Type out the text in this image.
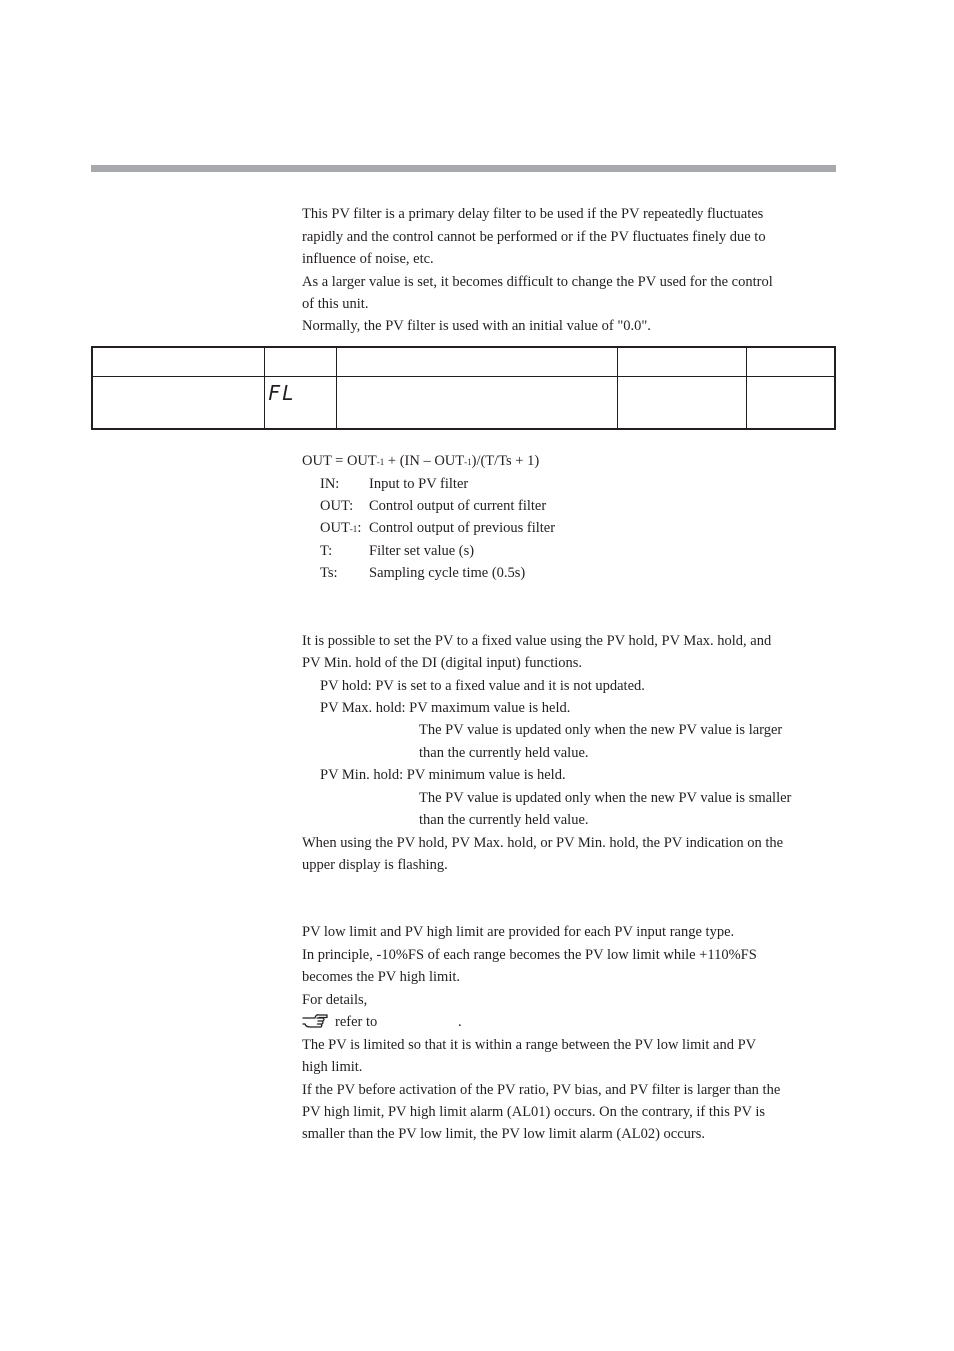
This PV filter is a primary delay filter to be used if the PV repeatedly fluctuates

rapidly and the control cannot be performed or if the PV fluctuates finely due to

influence of noise, etc.

As a larger value is set, it becomes difficult to change the PV used for the control

of this unit.

Normally, the PV filter is used with an initial value of "0.0".

FL

OUT = OUT-1 + (IN – OUT-1)/(T/Ts + 1)

IN: Input to PV filter

OUT: Control output of current filter

OUT-1: Control output of previous filter

T:	Filter set value (s)

Ts: Sampling cycle time (0.5s)

It is possible to set the PV to a fixed value using the PV hold, PV Max. hold, and

PV Min. hold of the DI (digital input) functions.

PV hold: PV is set to a fixed value and it is not updated.

PV Max. hold: PV maximum value is held.

The PV value is updated only when the new PV value is larger

than the currently held value.

PV Min. hold: PV minimum value is held.

The PV value is updated only when the new PV value is smaller

than the currently held value.

When using the PV hold, PV Max. hold, or PV Min. hold, the PV indication on the

upper display is flashing.

PV low limit and PV high limit are provided for each PV input range type.

In principle, -10%FS of each range becomes the PV low limit while +110%FS

becomes the PV high limit.

For details,

refer to	.

The PV is limited so that it is within a range between the PV low limit and PV

high limit.

If the PV before activation of the PV ratio, PV bias, and PV filter is larger than the

PV high limit, PV high limit alarm (AL01) occurs. On the contrary, if this PV is

smaller than the PV low limit, the PV low limit alarm (AL02) occurs.
